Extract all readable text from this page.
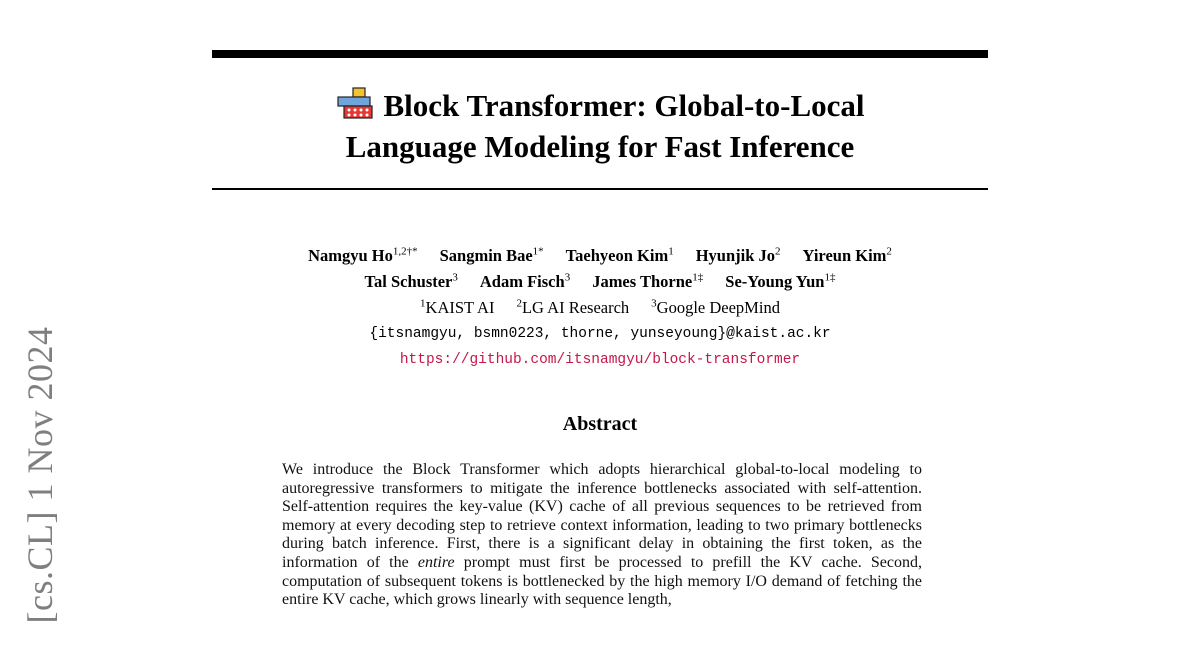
Block Transformer: Global-to-Local
Language Modeling for Fast Inference
Namgyu $Ho^{1,2\dagger*}$ Sangmin Bae$^{1*}$ Taehyeon Kim$^1$ Hyunjik Jo$^2$ Yireun Kim$^2$
Tal Schuster$^3$ Adam Fisch$^3$ James Thorne$^{1\ddagger}$ Se-Young Yun$^{1\ddagger}$
$^1$KAIST AI $^2$LG AI Research $^3$Google DeepMind
{itsnamgyu, bsmn0223, thorne, yunseyoung}@kaist.ac.kr
https://github.com/itsnamgyu/block-transformer
Abstract
We introduce the Block Transformer which adopts hierarchical global-to-local modeling to autoregressive transformers to mitigate the inference bottlenecks associated with self-attention. Self-attention requires the key-value (KV) cache of all previous sequences to be retrieved from memory at every decoding step to retrieve context information, leading to two primary bottlenecks during batch inference. First, there is a significant delay in obtaining the first token, as the information of the entire prompt must first be processed to prefill the KV cache. Second, computation of subsequent tokens is bottlenecked by the high memory I/O demand of fetching the entire KV cache, which grows linearly with sequence length,
[cs.CL] 1 Nov 2024
